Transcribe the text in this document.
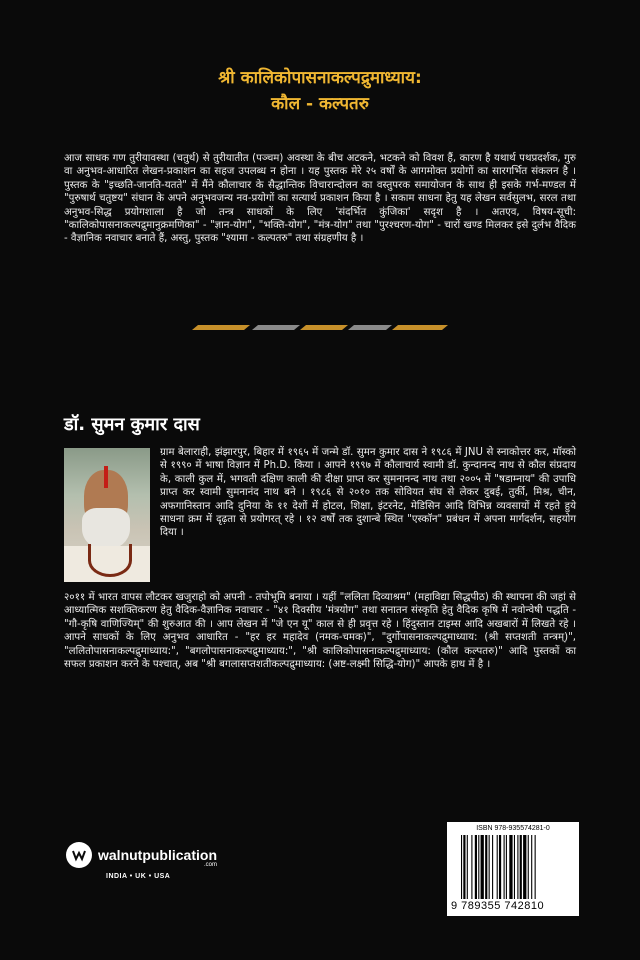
श्री कालिकोपासनाकल्पद्रुमाध्याय:
कौल - कल्पतरु

आज साधक गण तुरीयावस्था (चतुर्थ) से तुरीयातीत (पञ्चम) अवस्था के बीच अटकने, भटकने को विवश हैं, कारण है यथार्थ पथप्रदर्शक, गुरु वा अनुभव-आधारित लेखन-प्रकाशन का सहज उपलब्ध न होना । यह पुस्तक मेरे २५ वर्षों के आगमोक्त प्रयोगों का सारगर्भित संकलन है । पुस्तक के "इच्छति-जानति-यतते" में मैंने कौलाचार के सैद्धान्तिक विचारान्दोलन का वस्तुपरक समायोजन के साथ ही इसके गर्भ-मण्डल में "पुरुषार्थ चतुष्टय" संधान के अपने अनुभवजन्य नव-प्रयोगों का सत्यार्थ प्रकाशन किया है । सकाम साधना हेतु यह लेखन सर्वसुलभ, सरल तथा अनुभव-सिद्ध प्रयोगशाला है जो तन्त्र साधकों के लिए 'संदर्भित कुंजिका' सदृश है । अतएव, विषय-सूची: "कालिकोपासनाकल्पद्रुमानुक्रमणिका" - "ज्ञान-योग", "भक्ति-योग", "मंत्र-योग" तथा "पुरश्चरण-योग" - चारों खण्ड मिलकर इसे दुर्लभ वैदिक - वैज्ञानिक नवाचार बनाते हैं, अस्तु, पुस्तक "श्यामा - कल्पतरु" तथा संग्रहणीय है ।

डॉ. सुमन कुमार दास

ग्राम बेलाराही, झंझारपुर, बिहार में १९६५ में जन्मे डॉ. सुमन कुमार दास ने १९८६ में JNU से स्नाकोत्तर कर, मॉस्को से १९९० में भाषा विज्ञान में Ph.D. किया । आपने १९९७ में कौलाचार्य स्वामी डॉ. कुन्दानन्द नाथ से कौल संप्रदाय के, काली कुल में, भगवती दक्षिण काली की दीक्षा प्राप्त कर सुमनानन्द नाथ तथा २००५ में "षडाम्नाय" की उपाधि प्राप्त कर स्वामी सुमनानंद नाथ बने । १९८६ से २०१० तक सोवियत संघ से लेकर दुबई, तुर्की, मिश्र, चीन, अफगानिस्तान आदि दुनिया के ११ देशों में होटल, शिक्षा, इंटरनेट, मेडिसिन आदि विभिन्न व्यवसायों में रहते हुये साधना क्रम में दृढ़ता से प्रयोगरत् रहे । १२ वर्षों तक दुशान्बे स्थित "एस्कॉन" प्रबंधन में अपना मार्गदर्शन, सहयोग दिया ।

२०११ में भारत वापस लौटकर खजुराहो को अपनी - तपोभूमि बनाया । यहीं "ललिता दिव्याश्रम" (महाविद्या सिद्धपीठ) की स्थापना की जहां से आध्यात्मिक सशक्तिकरण हेतु वैदिक-वैज्ञानिक नवाचार - "४१ दिवसीय 'मंत्रयोग" तथा सनातन संस्कृति हेतु वैदिक कृषि में नवोन्वेषी पद्धति - "गौ-कृषि वाणिज्यिम्" की शुरुआत की । आप लेखन में "जे एन यू" काल से ही प्रवृत्त रहे । हिंदुस्तान टाइम्स आदि अखबारों में लिखते रहे । आपने साधकों के लिए अनुभव आधारित - "हर हर महादेव (नमक-चमक)", "दुर्गोपासनाकल्पद्रुमाध्याय: (श्री सप्तशती तन्त्रम्)", "ललितोपासनाकल्पद्रुमाध्याय:", "बगलोपासनाकल्पद्रुमाध्याय:", "श्री कालिकोपासनाकल्पद्रुमाध्याय: (कौल कल्पतरु)" आदि पुस्तकों का सफल प्रकाशन करने के पश्चात्, अब "श्री बगलासप्तशतीकल्पद्रुमाध्याय: (अष्ट-लक्ष्मी सिद्धि-योग)" आपके हाथ में है ।

walnutpublication
.com
INDIA • UK • USA
ISBN 978-935574281-0
9 789355 742810
